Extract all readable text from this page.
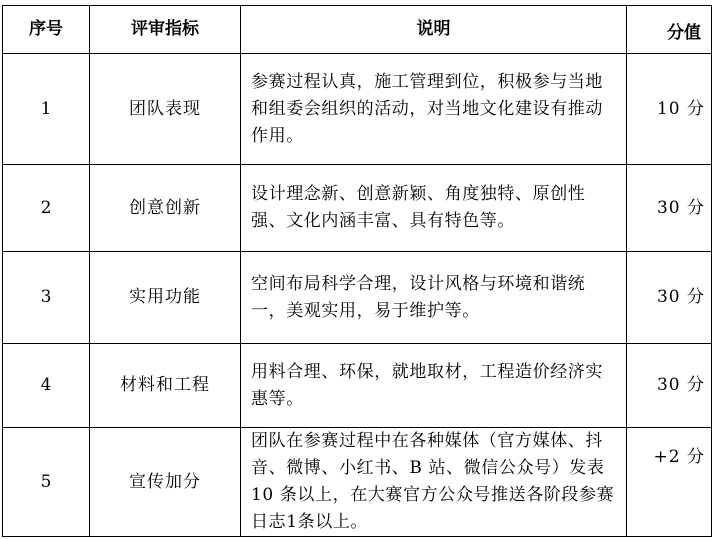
序号	评审指标	说明	分值
1	团队表现	参赛过程认真，施工管理到位，积极参与当地和组委会组织的活动，对当地文化建设有推动作用。	10 分
2	创意创新	设计理念新、创意新颖、角度独特、原创性强、文化内涵丰富、具有特色等。	30 分
3	实用功能	空间布局科学合理，设计风格与环境和谐统一，美观实用，易于维护等。	30 分
4	材料和工程	用料合理、环保，就地取材，工程造价经济实惠等。	30 分
5	宣传加分	团队在参赛过程中在各种媒体（官方媒体、抖音、微博、小红书、B 站、微信公众号）发表 10 条以上，在大赛官方公众号推送各阶段参赛日志1条以上。	+2 分
